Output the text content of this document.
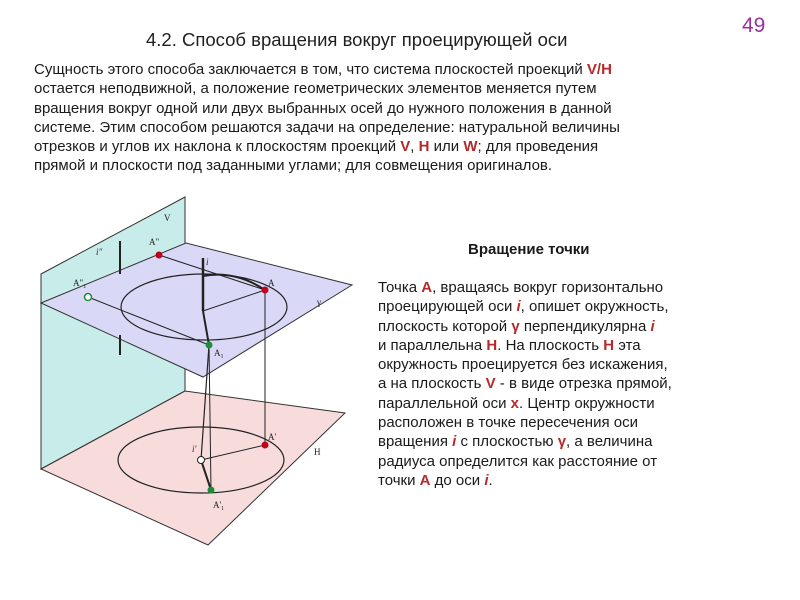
49
4.2. Способ вращения вокруг проецирующей оси

Сущность этого способа заключается в том, что система плоскостей проекций V/H
остается неподвижной, а положение геометрических элементов меняется путем
вращения вокруг одной или двух выбранных осей до нужного положения в данной
системе. Этим способом решаются задачи на определение: натуральной величины
отрезков и углов их наклона к плоскостям проекций V, H или W; для проведения
прямой и плоскости под заданными углами; для совмещения оригиналов.

V
H
γ
i
i"
i'
A"
A
A'
$A_1$
$A"_1$
$A'_1$
Вращение точки

Точка A, вращаясь вокруг горизонтально
проецирующей оси i, опишет окружность,
плоскость которой γ перпендикулярна i
и параллельна H. На плоскость H эта
окружность проецируется без искажения,
а на плоскость V - в виде отрезка прямой,
параллельной оси x. Центр окружности
расположен в точке пересечения оси
вращения i с плоскостью γ, а величина
радиуса определится как расстояние от
точки A до оси i.
